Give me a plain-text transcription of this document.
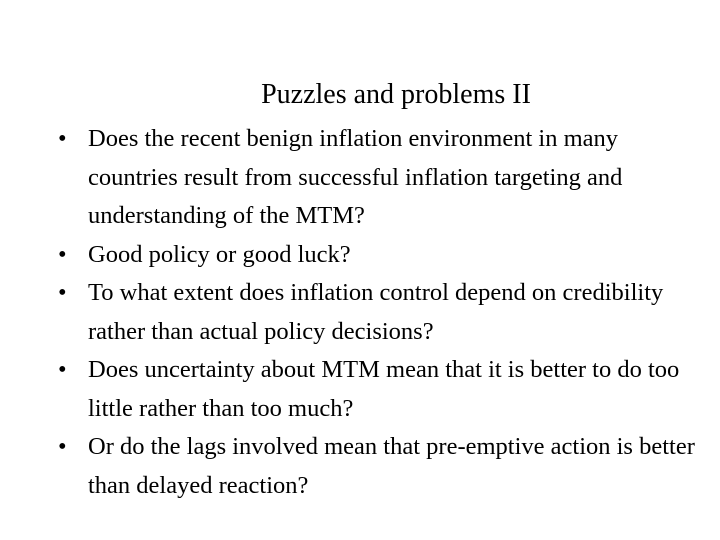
Puzzles and problems II
• Does the recent benign inflation environment in many countries result from successful inflation targeting and understanding of the MTM?
• Good policy or good luck?
• To what extent does inflation control depend on credibility rather than actual policy decisions?
• Does uncertainty about MTM mean that it is better to do too little rather than too much?
• Or do the lags involved mean that pre-emptive action is better than delayed reaction?
